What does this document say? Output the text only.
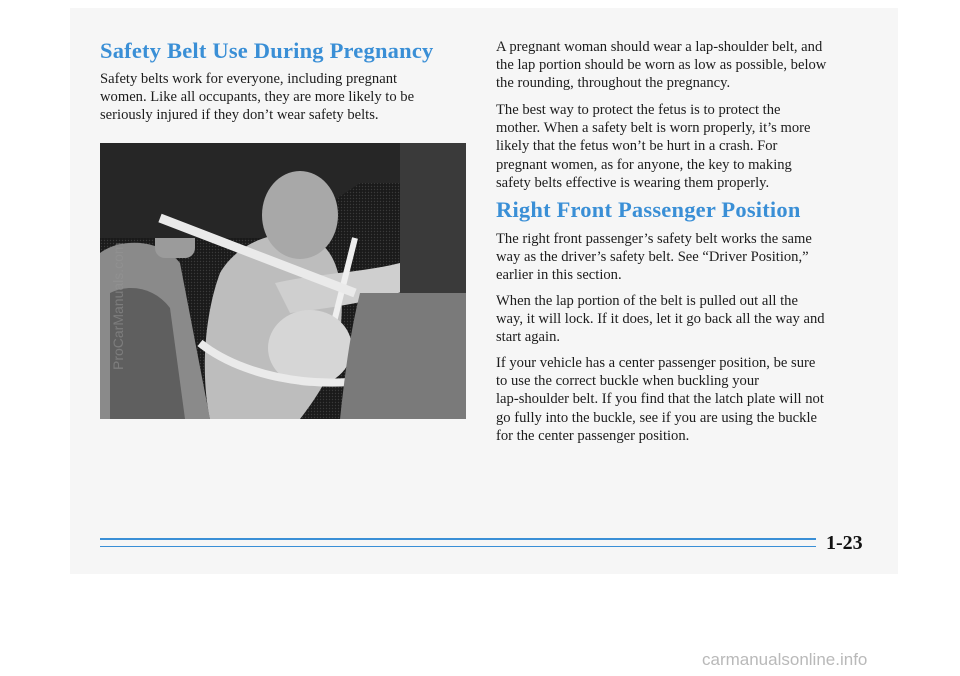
Safety Belt Use During Pregnancy

Safety belts work for everyone, including pregnant
women. Like all occupants, they are more likely to be
seriously injured if they don’t wear safety belts.

A pregnant woman should wear a lap-shoulder belt, and
the lap portion should be worn as low as possible, below
the rounding, throughout the pregnancy.

The best way to protect the fetus is to protect the
mother. When a safety belt is worn properly, it’s more
likely that the fetus won’t be hurt in a crash. For
pregnant women, as for anyone, the key to making
safety belts effective is wearing them properly.

Right Front Passenger Position

The right front passenger’s safety belt works the same
way as the driver’s safety belt. See “Driver Position,”
earlier in this section.

When the lap portion of the belt is pulled out all the
way, it will lock. If it does, let it go back all the way and
start again.

If your vehicle has a center passenger position, be sure
to use the correct buckle when buckling your
lap-shoulder belt. If you find that the latch plate will not
go fully into the buckle, see if you are using the buckle
for the center passenger position.

1-23
ProCarManuals.com
carmanualsonline.info
